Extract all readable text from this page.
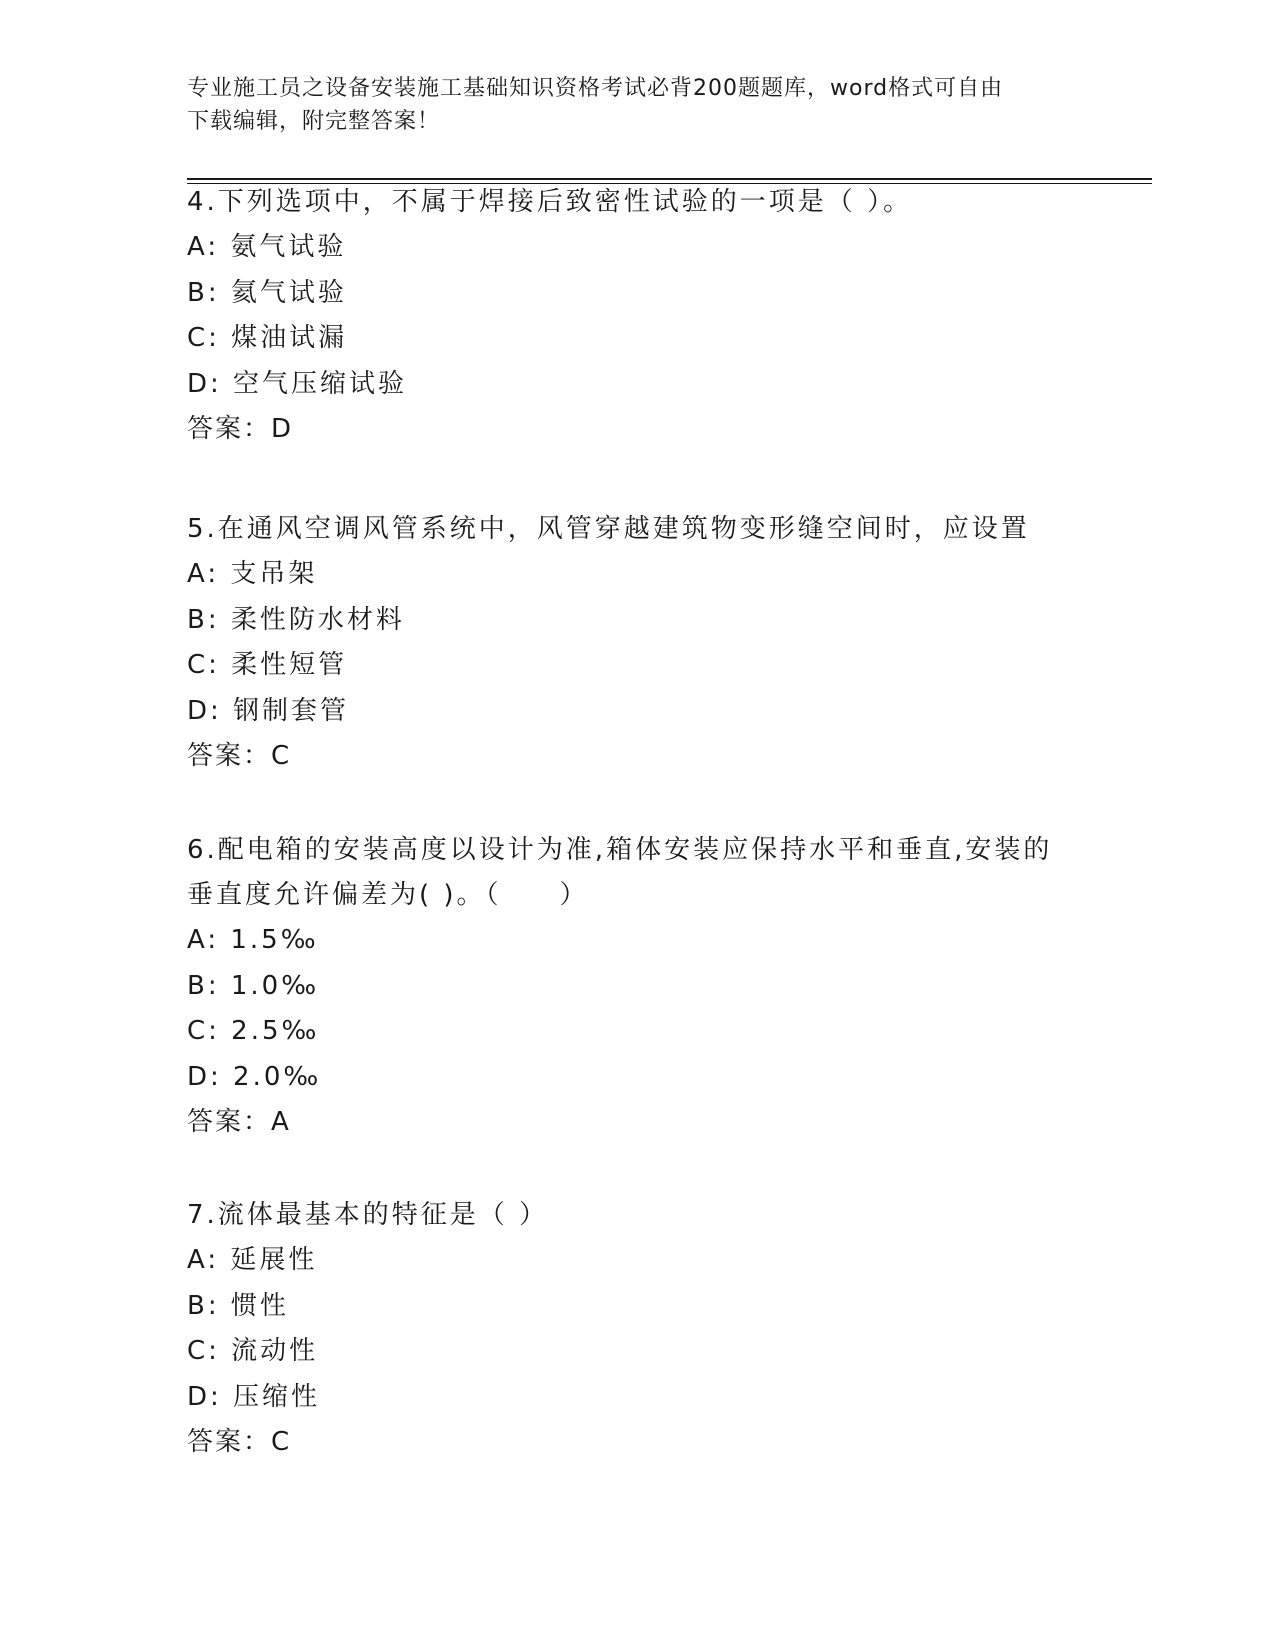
专业施工员之设备安装施工基础知识资格考试必背200题题库，word格式可自由
下载编辑，附完整答案！

4.下列选项中，不属于焊接后致密性试验的一项是（ ）。

A: 氨气试验

B: 氦气试验

C: 煤油试漏

D: 空气压缩试验

答案：D

5.在通风空调风管系统中，风管穿越建筑物变形缝空间时，应设置

A: 支吊架

B: 柔性防水材料

C: 柔性短管

D: 钢制套管

答案：C

6.配电箱的安装高度以设计为准,箱体安装应保持水平和垂直,安装的

垂直度允许偏差为( )。（　　）

A: 1.5‰

B: 1.0‰

C: 2.5‰

D: 2.0‰

答案：A

7.流体最基本的特征是（ ）

A: 延展性

B: 惯性

C: 流动性

D: 压缩性

答案：C
